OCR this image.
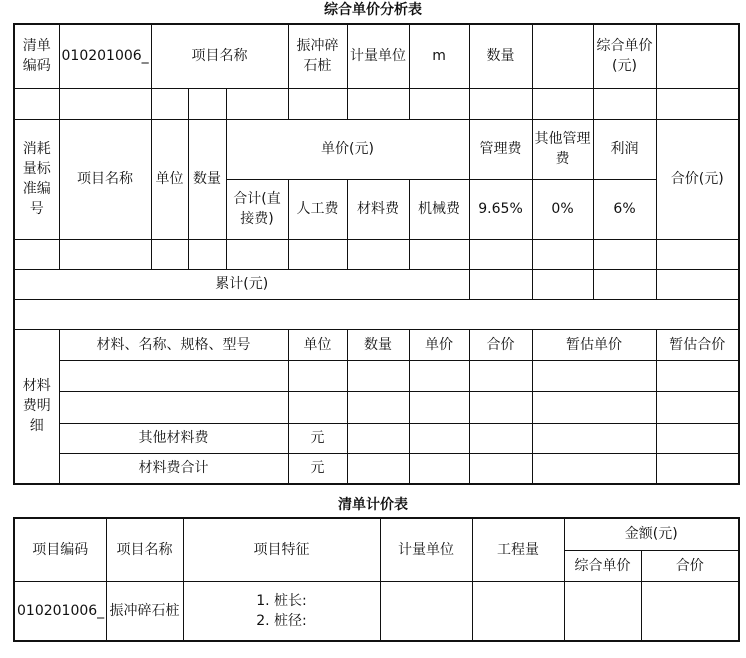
综合单价分析表
清单编码	010201006_	项目名称			振冲碎石桩	计量单位	m	数量		综合单价(元)	

消耗量标准编号	项目名称	单位	数量	单价(元)				管理费	其他管理费	利润	合价(元)
				合计(直接费)	人工费	材料费	机械费	9.65%	0%	6%	

累计(元)											

材料费明细	材料、名称、规格、型号				单位	数量	单价	合价	暂估单价		暂估合价

	其他材料费				元						
	材料费合计				元						
清单计价表
项目编码	项目名称	项目特征	计量单位	工程量	金额(元)	
					综合单价	合价
010201006_	振冲碎石桩	1. 桩长:
2. 桩径:				
